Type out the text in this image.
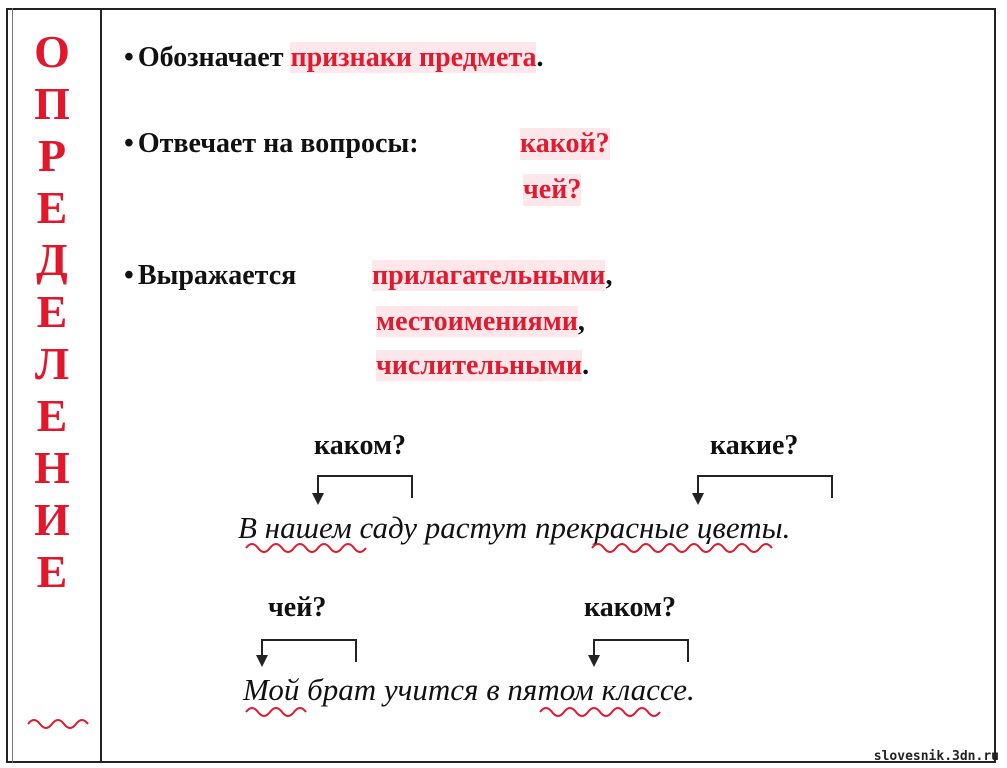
О
П
Р
Е
Д
Е
Л
Е
Н
И
Е
• Обозначает признаки предмета.
• Отвечает на вопросы:	какой?
чей?
• Выражается	прилагательными,
местоимениями,
числительными.
каком?	какие?
В нашем саду растут прекрасные цветы.
чей?	каком?
Мой брат учится в пятом классе.
slovesnik.3dn.ru
